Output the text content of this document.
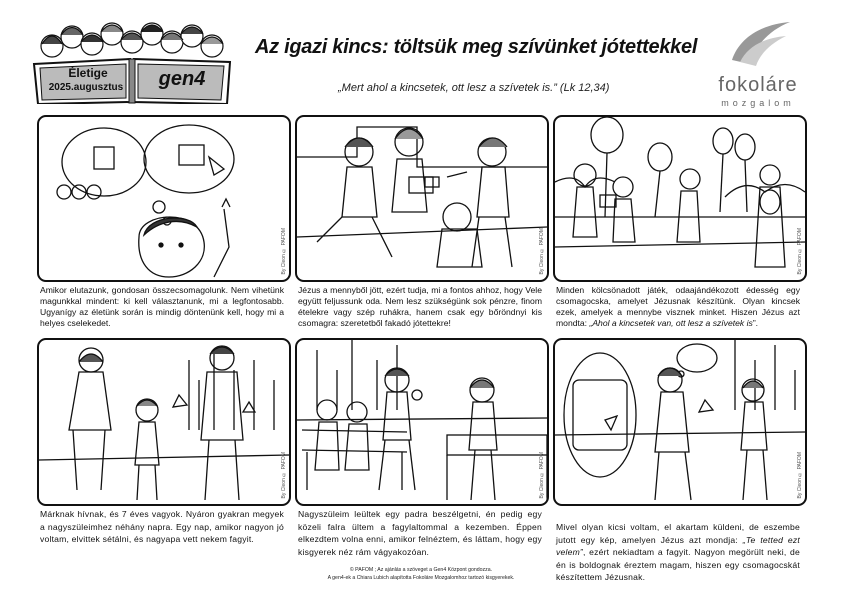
Életige
2025.augusztus	gen4
Az igazi kincs: töltsük meg szívünket jótettekkel
„Mert ahol a kincsetek, ott lesz a szívetek is.” (Lk 12,34)	fokoláre
mozgalom
By Cleon © PAFOM
Amikor elutazunk, gondosan összecsomagolunk. Nem vihetünk magunkkal mindent: ki kell választanunk, mi a legfontosabb. Ugyanígy az életünk során is mindig döntenünk kell, hogy mi a helyes cselekedet.
By Cleon © PAFOM
Jézus a mennyből jött, ezért tudja, mi a fontos ahhoz, hogy Vele együtt feljussunk oda. Nem lesz szükségünk sok pénzre, finom ételekre vagy szép ruhákra, hanem csak egy bőröndnyi kis csomagra: szeretetből fakadó jótettekre!
By Cleon © PAFOM
Minden kölcsönadott játék, odaajándékozott édesség egy csomagocska, amelyet Jézusnak készítünk. Olyan kincsek ezek, amelyek a mennybe visznek minket. Hiszen Jézus azt mondta: „Ahol a kincsetek van, ott lesz a szívetek is”.
By Cleon © PAFOM
Márknak hívnak, és 7 éves vagyok. Nyáron gyakran megyek a nagyszüleimhez néhány napra. Egy nap, amikor nagyon jó voltam, elvittek sétálni, és nagyapa vett nekem fagyit.
By Cleon © PAFOM
Nagyszüleim leültek egy padra beszélgetni, én pedig egy közeli falra ültem a fagylaltommal a kezemben. Éppen elkezdtem volna enni, amikor felnéztem, és láttam, hogy egy kisgyerek néz rám vágyakozóan.
By Cleon © PAFOM
Mivel olyan kicsi voltam, el akartam küldeni, de eszembe jutott egy kép, amelyen Jézus azt mondja: „Te tetted ezt velem”, ezért nekiadtam a fagyit. Nagyon megörült neki, de én is boldognak éreztem magam, hiszen egy csomagocskát készítettem Jézusnak.
© PAFOM ; Az ajánlás a szöveget a Gen4 Központ gondozza.
A gen4-ek a Chiara Lubich alapította Fokoláre Mozgalomhoz tartozó kisgyerekek.
